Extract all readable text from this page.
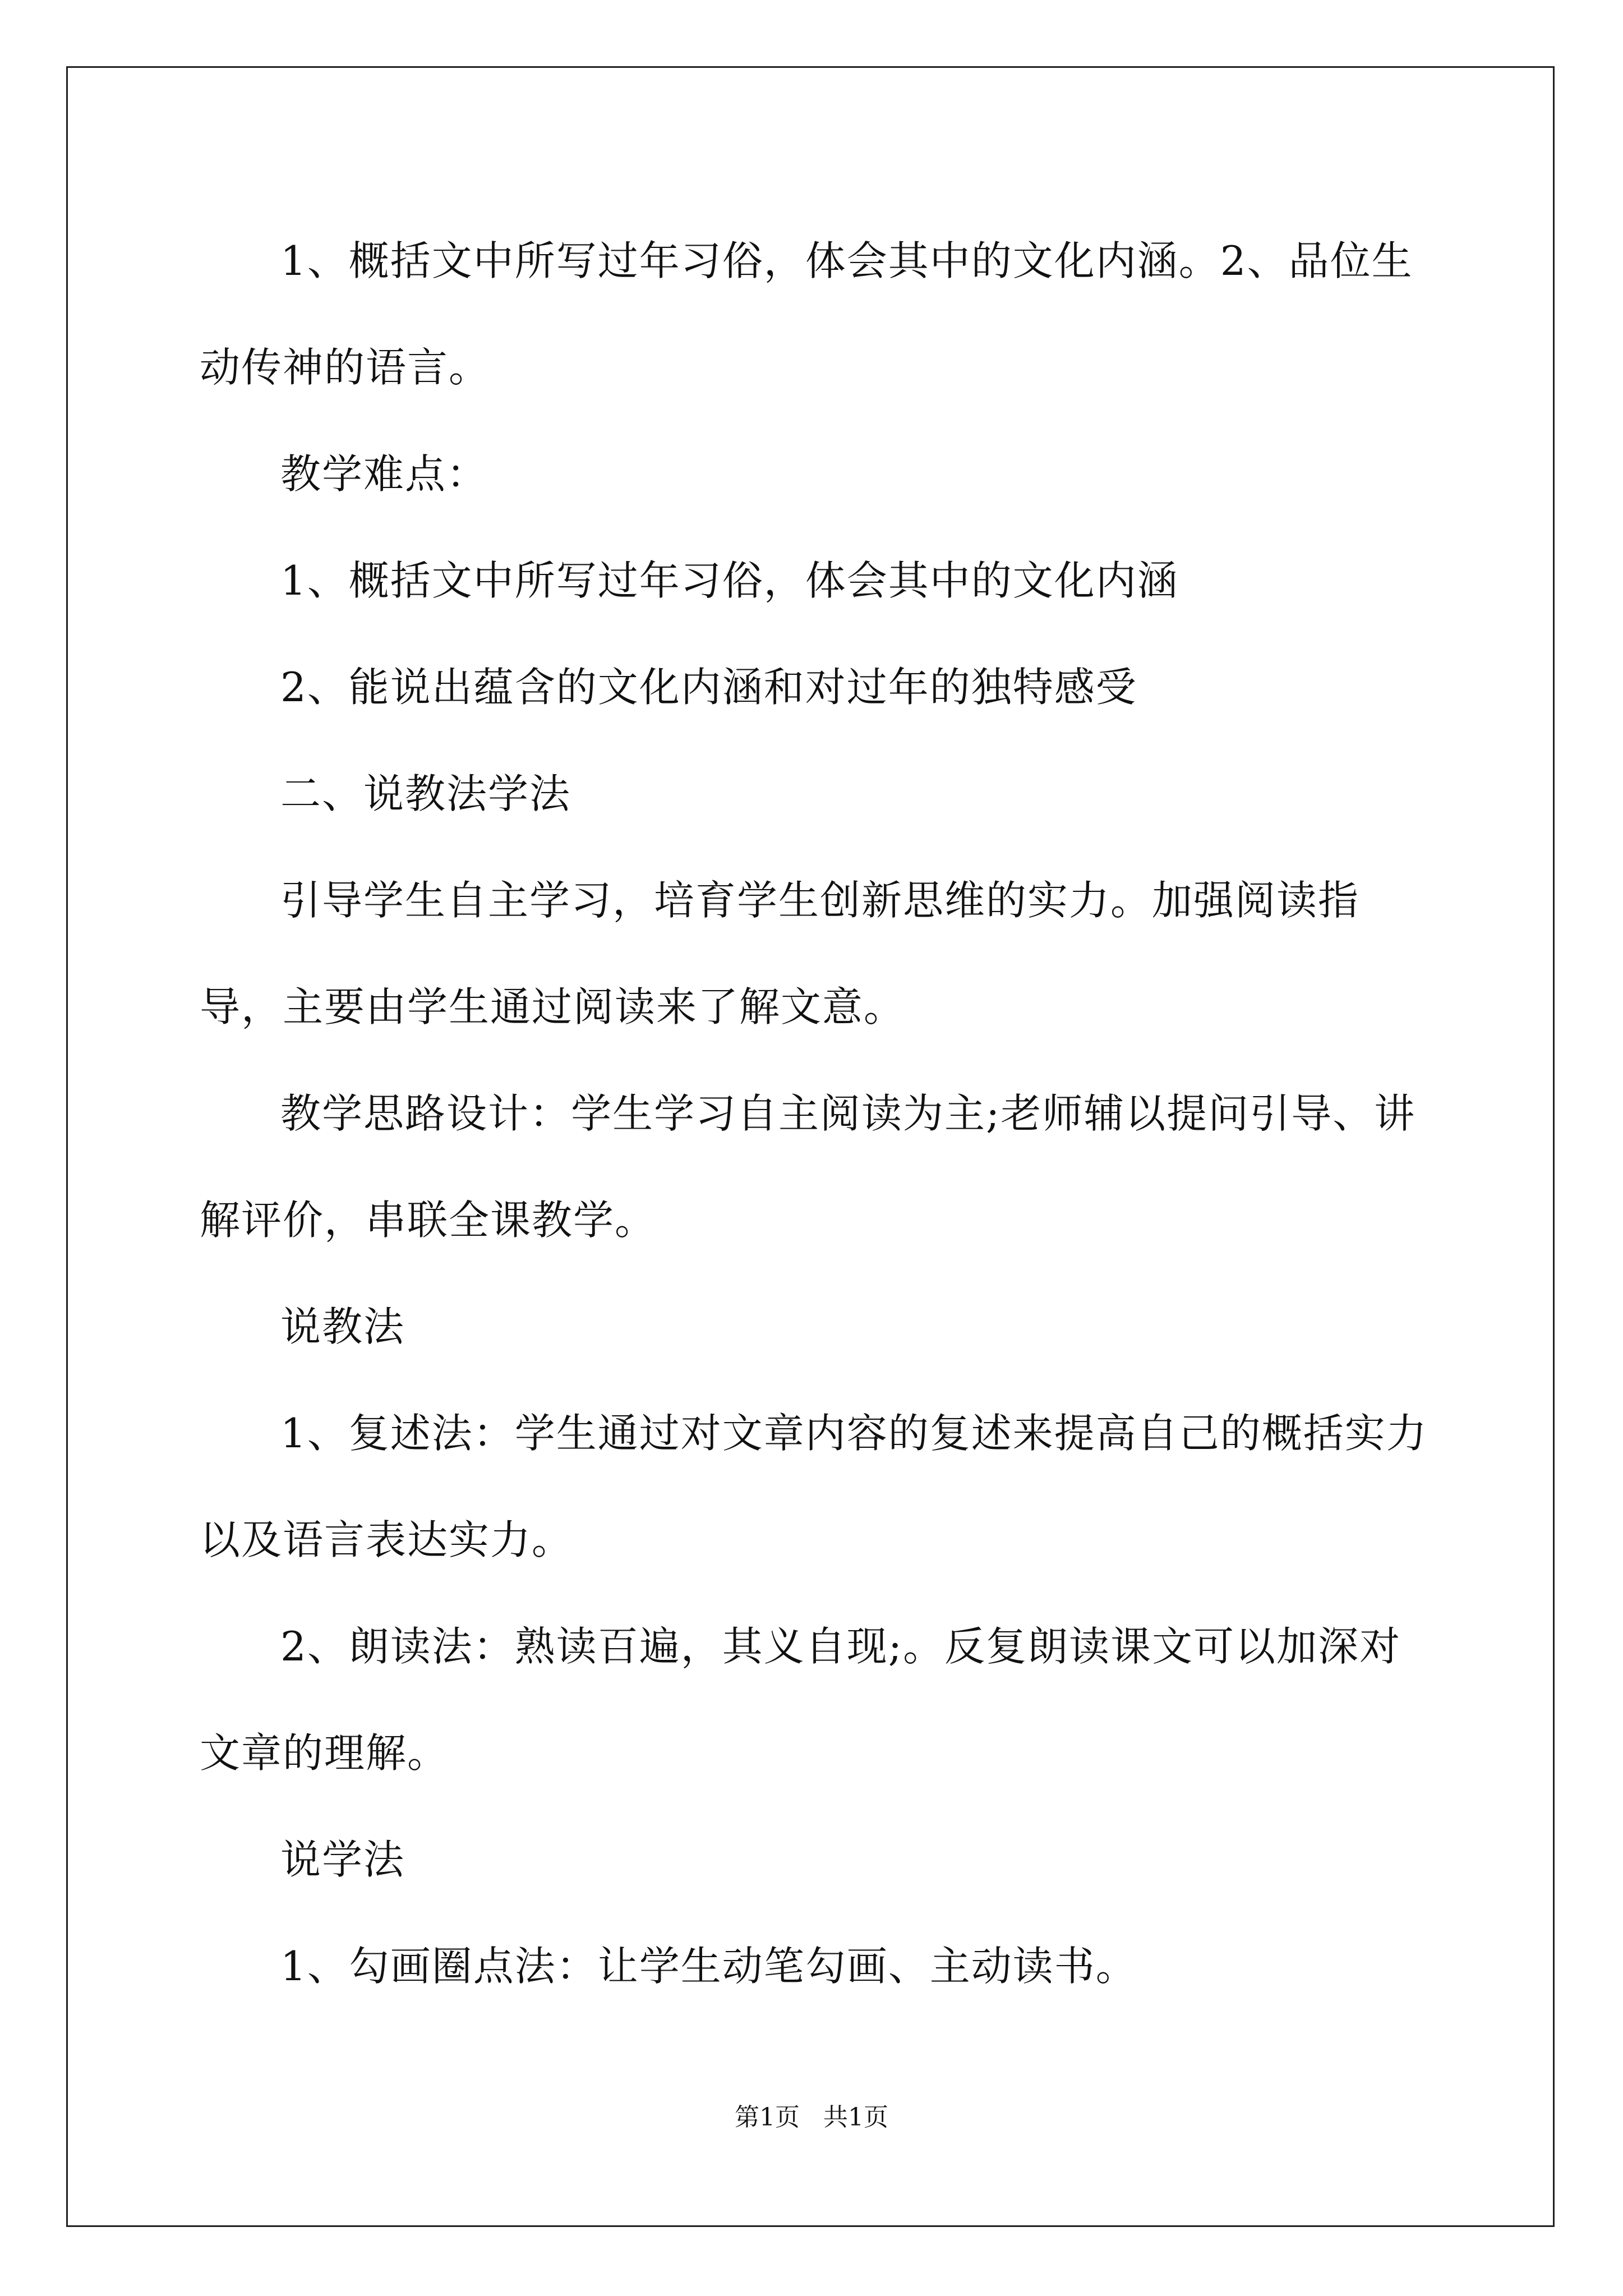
1、概括文中所写过年习俗，体会其中的文化内涵。2、品位生动传神的语言。

教学难点：

1、概括文中所写过年习俗，体会其中的文化内涵

2、能说出蕴含的文化内涵和对过年的独特感受

二、说教法学法

引导学生自主学习，培育学生创新思维的实力。加强阅读指导，主要由学生通过阅读来了解文意。

教学思路设计：学生学习自主阅读为主;老师辅以提问引导、讲解评价，串联全课教学。

说教法

1、复述法：学生通过对文章内容的复述来提高自己的概括实力以及语言表达实力。

2、朗读法：熟读百遍，其义自现;。反复朗读课文可以加深对文章的理解。

说学法

1、勾画圈点法：让学生动笔勾画、主动读书。

第1页   共1页
